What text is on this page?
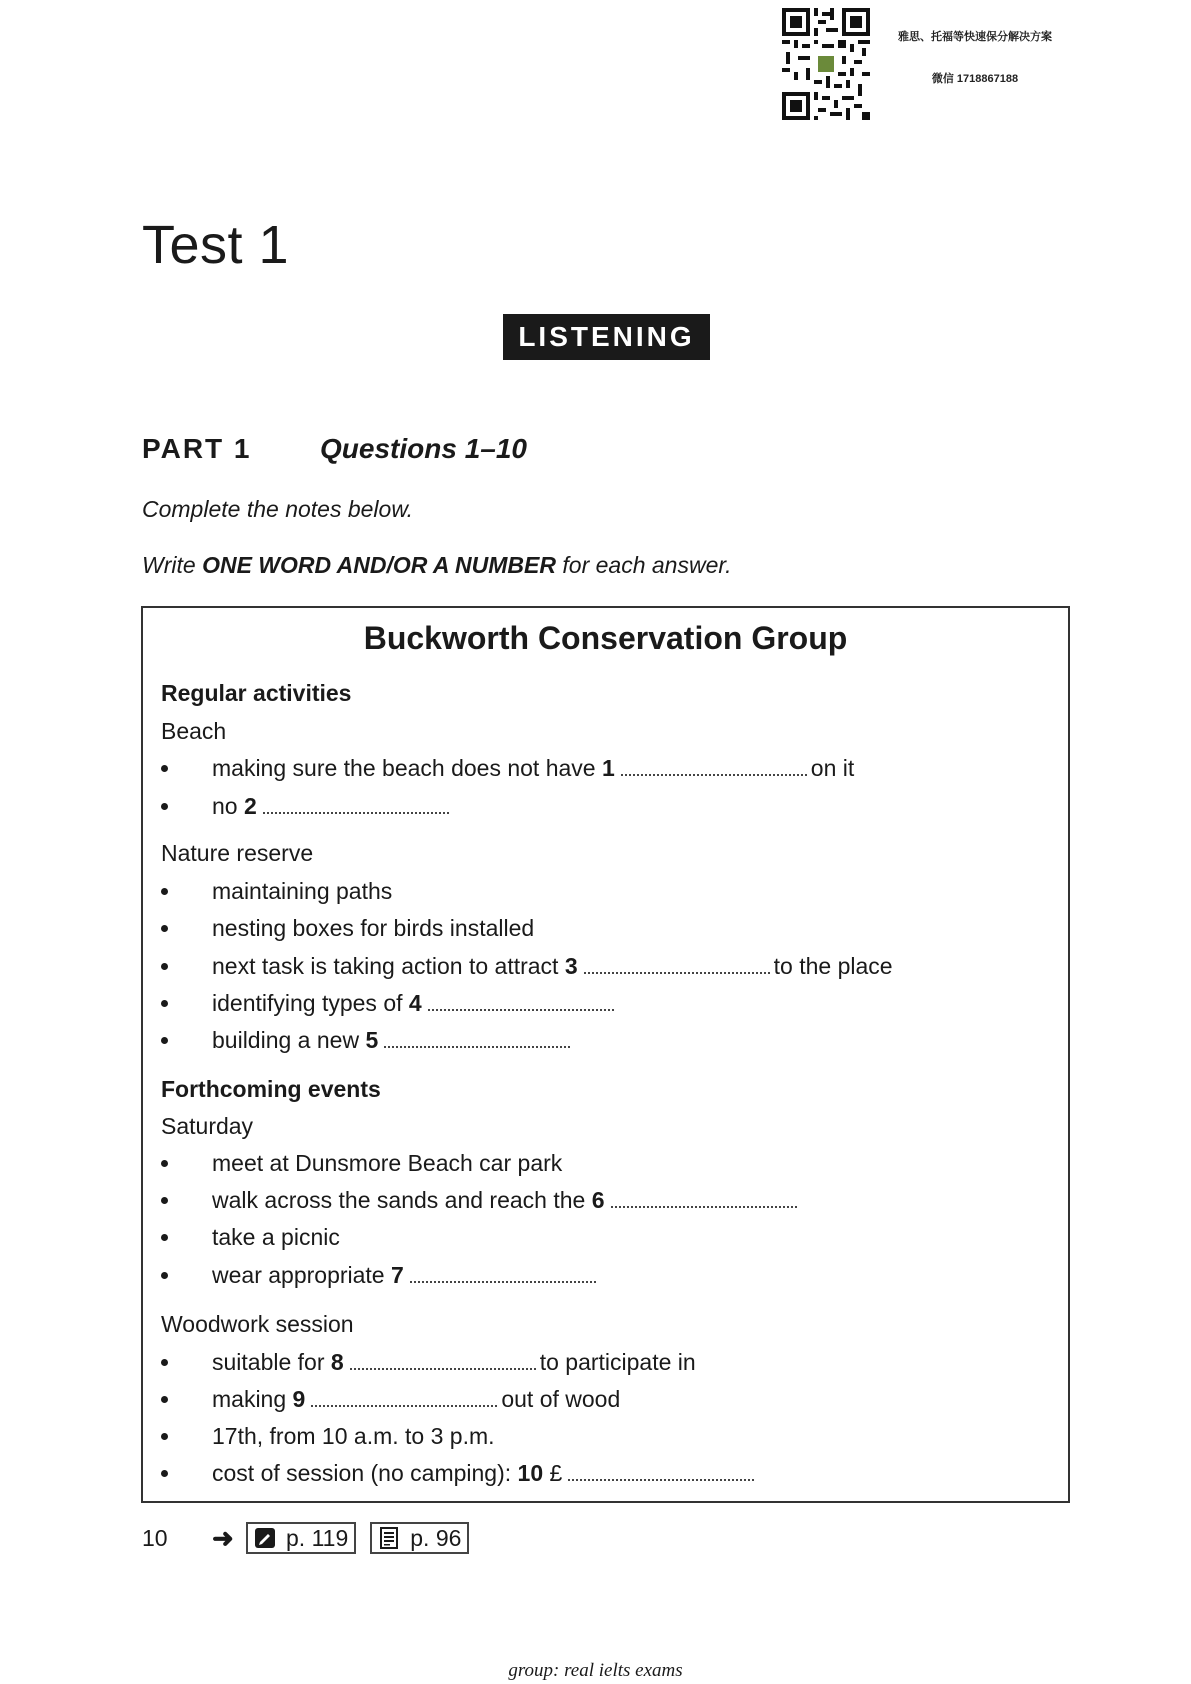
雅思、托福等快速保分解决方案
微信 1718867188
Test 1
LISTENING
PART 1 Questions 1–10
Complete the notes below.
Write ONE WORD AND/OR A NUMBER for each answer.
Buckworth Conservation Group
Regular activities
Beach
making sure the beach does not have 1	on it
no 2
Nature reserve
maintaining paths
nesting boxes for birds installed
next task is taking action to attract 3	to the place
identifying types of 4
building a new 5
Forthcoming events
Saturday
meet at Dunsmore Beach car park
walk across the sands and reach the 6
take a picnic
wear appropriate 7
Woodwork session
suitable for 8	to participate in
making 9	out of wood
17th, from 10 a.m. to 3 p.m.
cost of session (no camping): 10 £
10	➜	p. 119	p. 96
group: real ielts exams
